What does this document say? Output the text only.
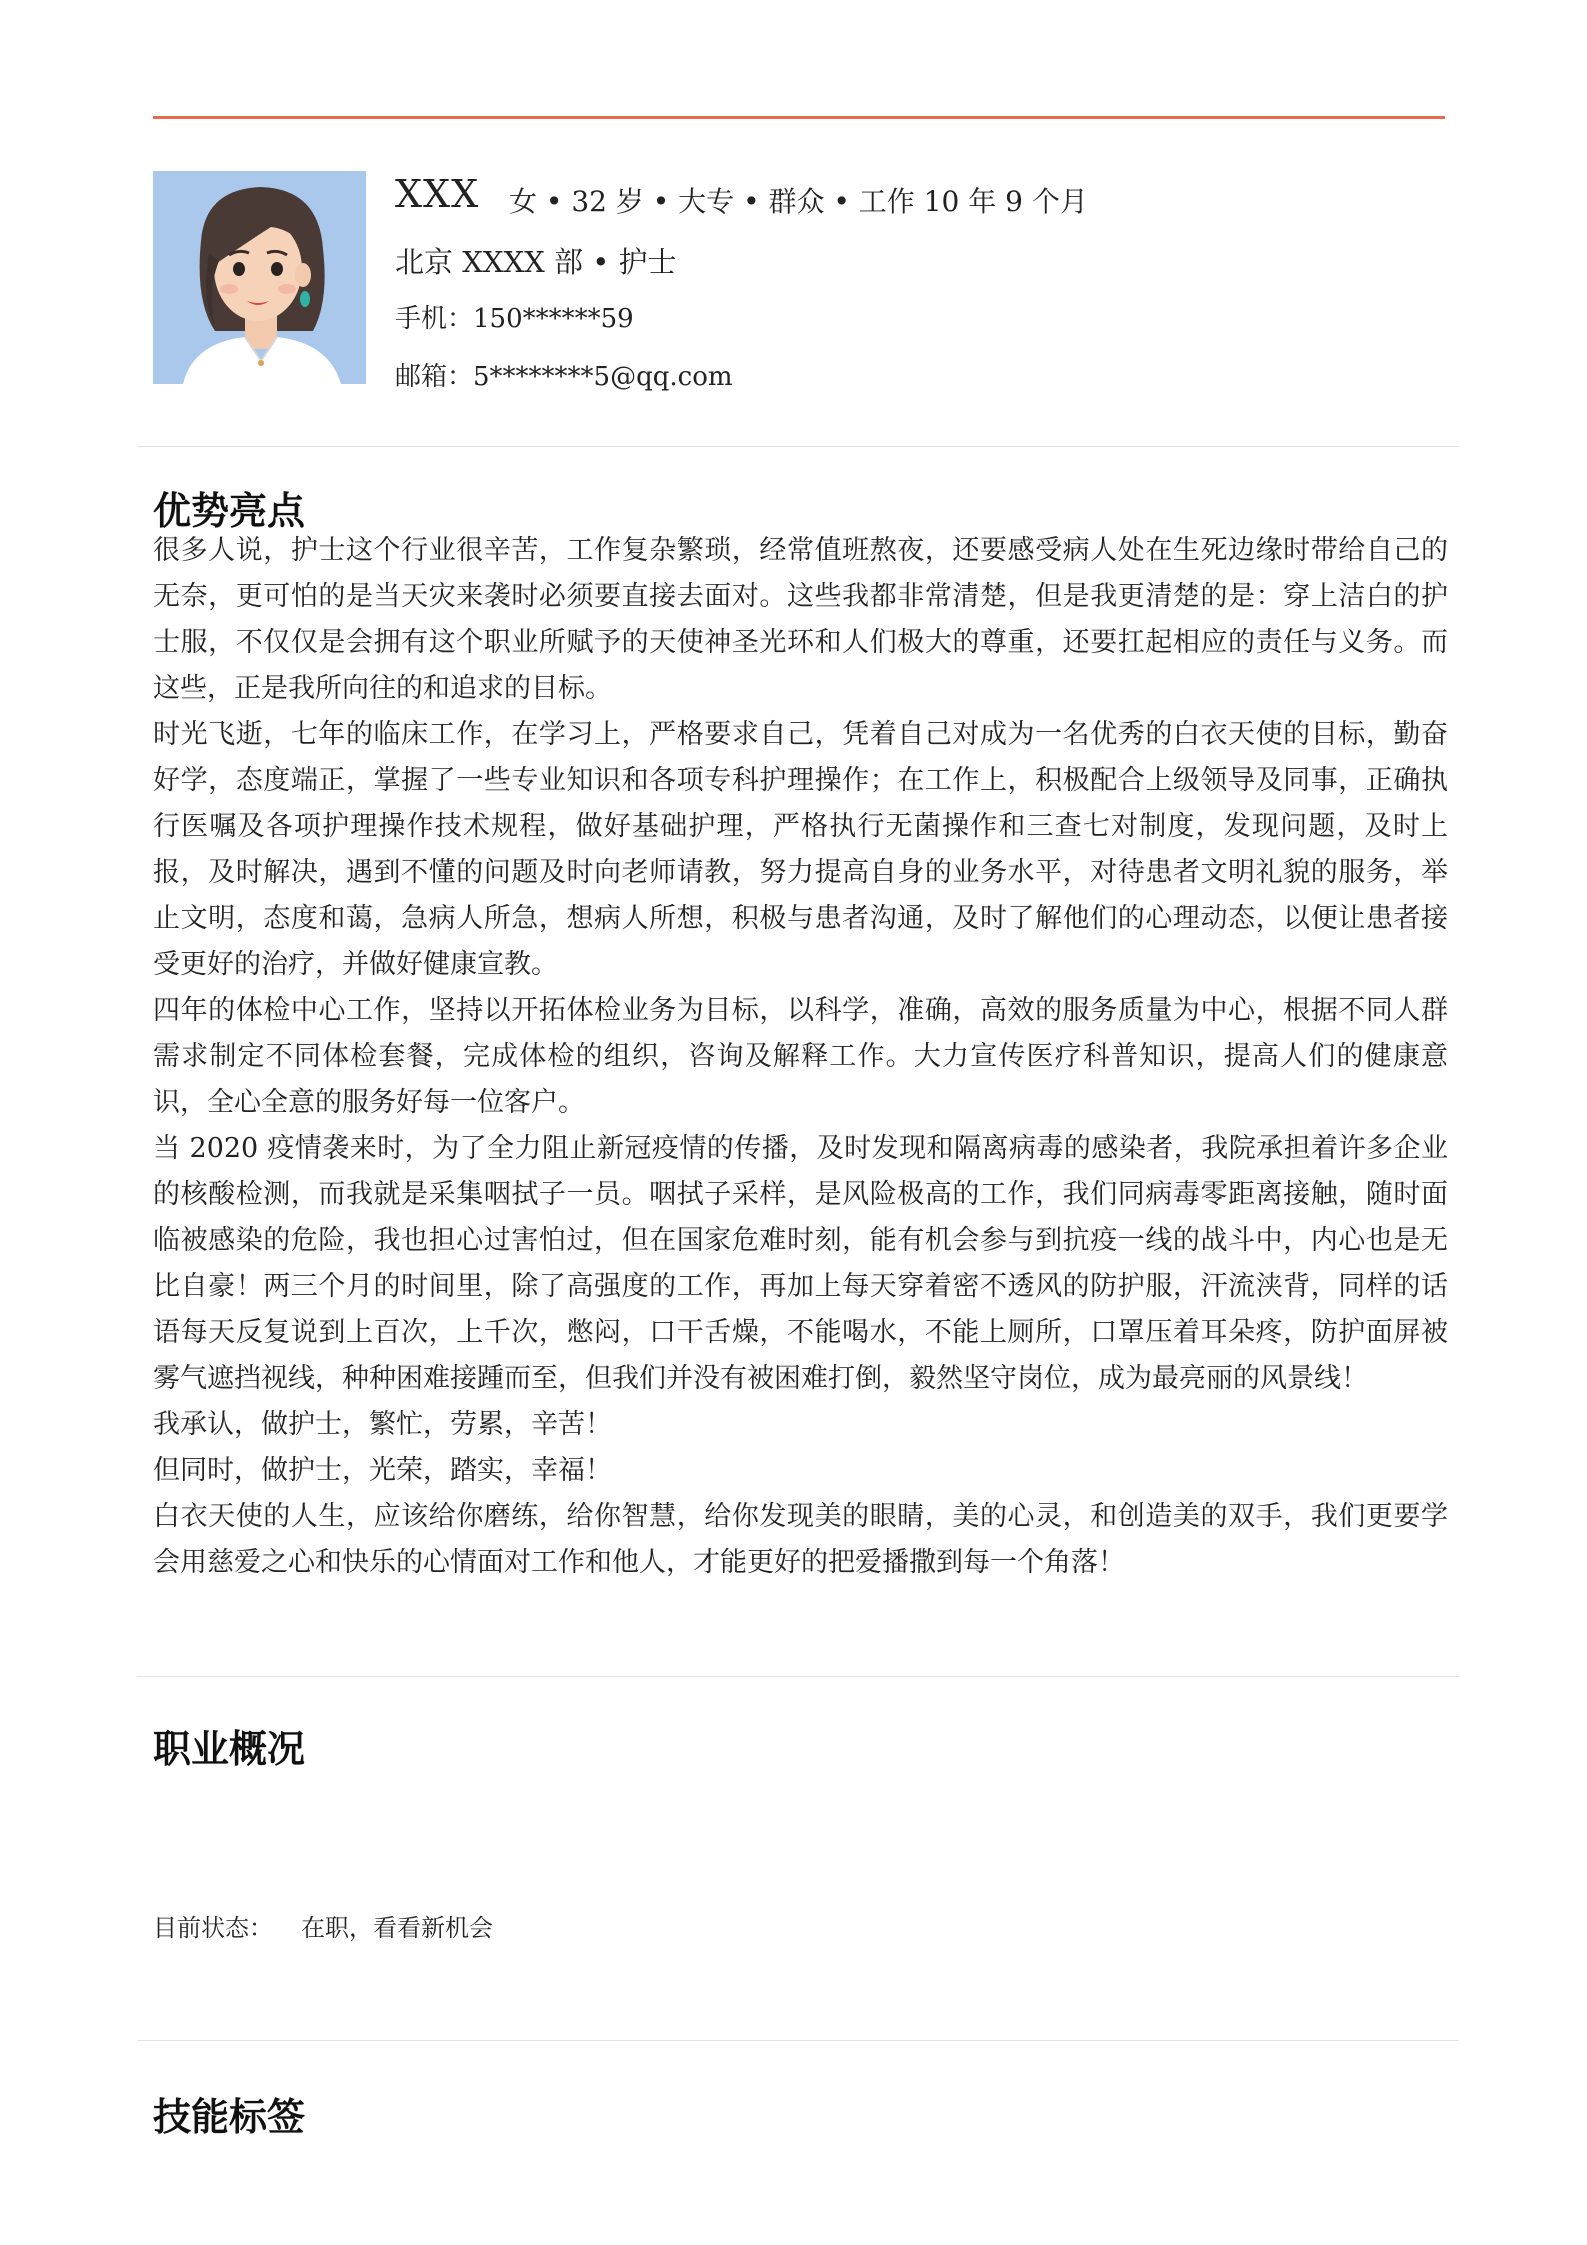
XXX 女 • 32 岁 • 大专 • 群众 • 工作 10 年 9 个月
北京 XXXX 部 • 护士
手机：150******59
邮箱：5********5@qq.com
优势亮点

很多人说，护士这个行业很辛苦，工作复杂繁琐，经常值班熬夜，还要感受病人处在生死边缘时带给自己的无奈，更可怕的是当天灾来袭时必须要直接去面对。这些我都非常清楚，但是我更清楚的是：穿上洁白的护士服，不仅仅是会拥有这个职业所赋予的天使神圣光环和人们极大的尊重，还要扛起相应的责任与义务。而这些，正是我所向往的和追求的目标。

时光飞逝，七年的临床工作，在学习上，严格要求自己，凭着自己对成为一名优秀的白衣天使的目标，勤奋好学，态度端正，掌握了一些专业知识和各项专科护理操作；在工作上，积极配合上级领导及同事，正确执行医嘱及各项护理操作技术规程，做好基础护理，严格执行无菌操作和三查七对制度，发现问题，及时上报，及时解决，遇到不懂的问题及时向老师请教，努力提高自身的业务水平，对待患者文明礼貌的服务，举止文明，态度和蔼，急病人所急，想病人所想，积极与患者沟通，及时了解他们的心理动态，以便让患者接受更好的治疗，并做好健康宣教。

四年的体检中心工作，坚持以开拓体检业务为目标，以科学，准确，高效的服务质量为中心，根据不同人群需求制定不同体检套餐，完成体检的组织，咨询及解释工作。大力宣传医疗科普知识，提高人们的健康意识，全心全意的服务好每一位客户。

当 2020 疫情袭来时，为了全力阻止新冠疫情的传播，及时发现和隔离病毒的感染者，我院承担着许多企业的核酸检测，而我就是采集咽拭子一员。咽拭子采样，是风险极高的工作，我们同病毒零距离接触，随时面临被感染的危险，我也担心过害怕过，但在国家危难时刻，能有机会参与到抗疫一线的战斗中，内心也是无比自豪！两三个月的时间里，除了高强度的工作，再加上每天穿着密不透风的防护服，汗流浃背，同样的话语每天反复说到上百次，上千次，憋闷，口干舌燥，不能喝水，不能上厕所，口罩压着耳朵疼，防护面屏被雾气遮挡视线，种种困难接踵而至，但我们并没有被困难打倒，毅然坚守岗位，成为最亮丽的风景线！

我承认，做护士，繁忙，劳累，辛苦！

但同时，做护士，光荣，踏实，幸福！

白衣天使的人生，应该给你磨练，给你智慧，给你发现美的眼睛，美的心灵，和创造美的双手，我们更要学会用慈爱之心和快乐的心情面对工作和他人，才能更好的把爱播撒到每一个角落！

职业概况
目前状态： 在职，看看新机会
技能标签
